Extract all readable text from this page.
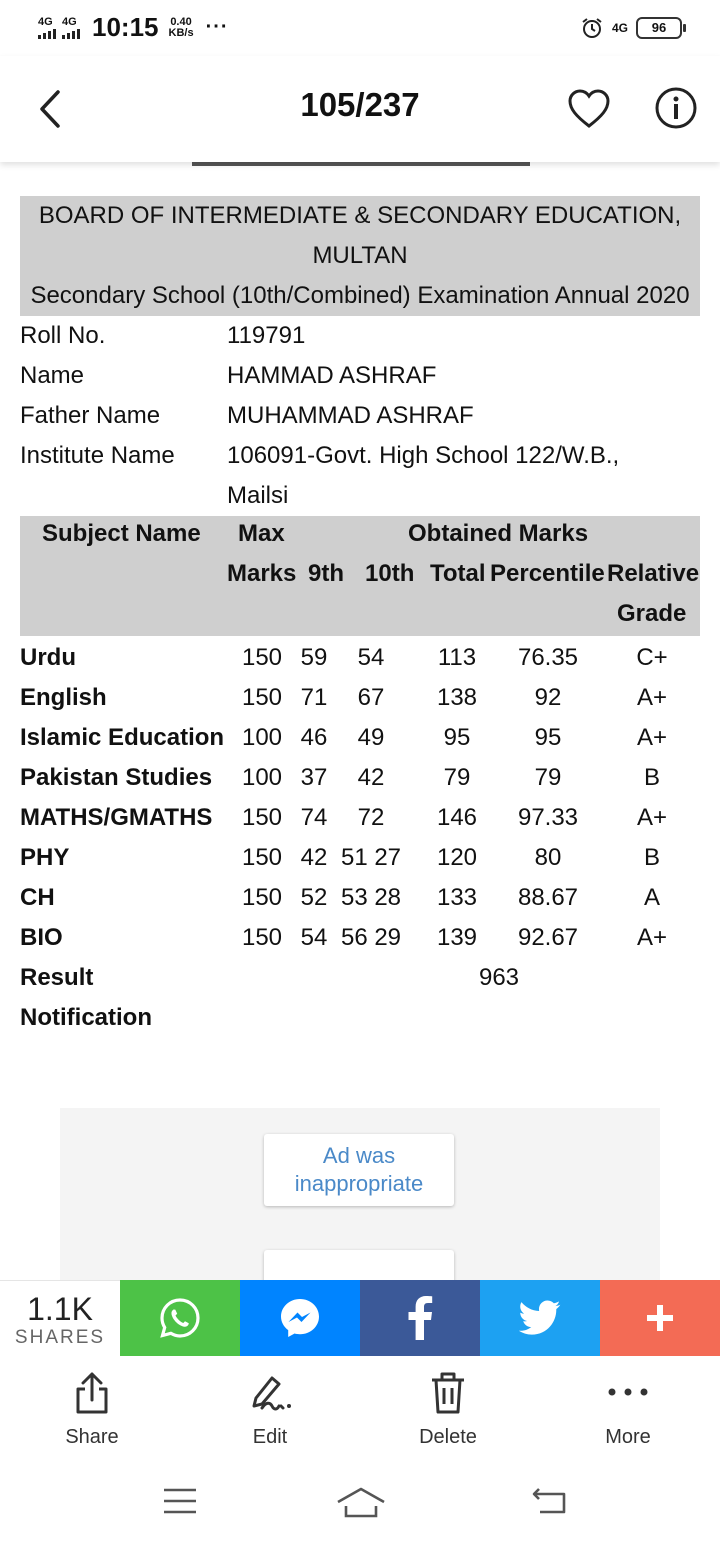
4G 4G 10:15 0.40
KB/s ···	4G	96
105/237
BOARD OF INTERMEDIATE & SECONDARY EDUCATION, MULTAN
Secondary School (10th/Combined) Examination Annual 2020
Roll No.	119791
Name	HAMMAD ASHRAF
Father Name	MUHAMMAD ASHRAF
Institute Name 106091-Govt. High School 122/W.B., Mailsi
Subject Name Max	Obtained Marks
Marks 9th 10th Total Percentile Relative
Grade
Urdu	150 59 54 113 76.35 C+
English	150 71 67 138 92	A+
Islamic Education 100 46 49 95	95	A+
Pakistan Studies 100 37 42 79	79	B
MATHS/GMATHS 150 74 72 146 97.33 A+
PHY	150 42 51 27 120 80	B
CH	150 52 53 28 133 88.67	A
BIO	150 54 56 29 139 92.67 A+
Result	963
Notification
Ad was
inappropriate
1.1K
SHARES
Share	Edit	Delete	More
